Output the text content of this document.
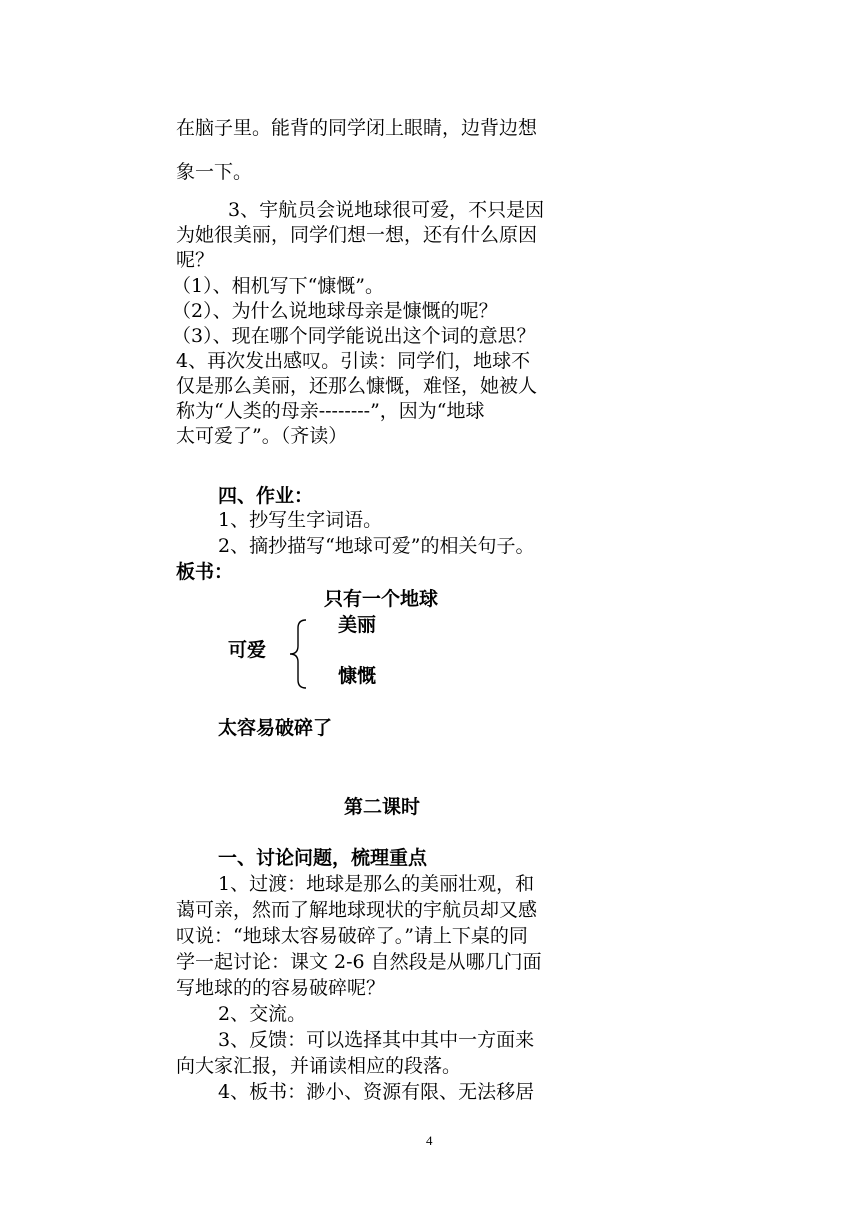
在脑子里。能背的同学闭上眼睛，边背边想
象一下。
3、宇航员会说地球很可爱，不只是因
为她很美丽，同学们想一想，还有什么原因
呢？
（1）、相机写下“慷慨”。
（2）、为什么说地球母亲是慷慨的呢？
（3）、现在哪个同学能说出这个词的意思？
4、再次发出感叹。引读：同学们，地球不
仅是那么美丽，还那么慷慨，难怪，她被人
称为“人类的母亲--------”，因为“地球
太可爱了”。（齐读）
四、作业：
1、抄写生字词语。
2、摘抄描写“地球可爱”的相关句子。
板书：
只有一个地球
美丽
可爱
慷慨
太容易破碎了
第二课时
一、讨论问题，梳理重点
1、过渡：地球是那么的美丽壮观，和
蔼可亲，然而了解地球现状的宇航员却又感
叹说：“地球太容易破碎了。”请上下桌的同
学一起讨论：课文 2-6 自然段是从哪几门面
写地球的的容易破碎呢？
2、交流。
3、反馈：可以选择其中其中一方面来
向大家汇报，并诵读相应的段落。
4、板书：渺小、资源有限、无法移居
4
